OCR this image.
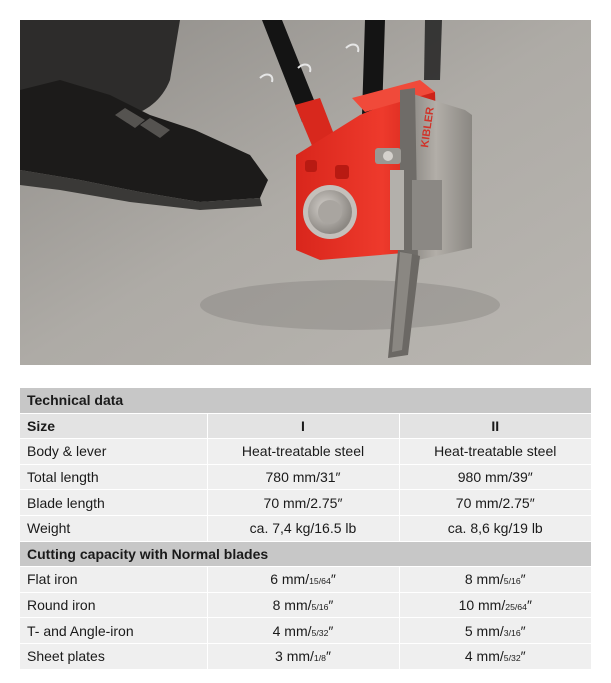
KIBLER
Technical data		
Size	I	II
Body & lever	Heat-treatable steel	Heat-treatable steel
Total length	780 mm/31″	980 mm/39″
Blade length	70 mm/2.75″	70 mm/2.75″
Weight	ca. 7,4 kg/16.5 lb	ca. 8,6 kg/19 lb
Cutting capacity with Normal blades		
Flat iron	6 mm/15/64″	8 mm/5/16″
Round iron	8 mm/5/16″	10 mm/25/64″
T- and Angle-iron	4 mm/5/32″	5 mm/3/16″
Sheet plates	3 mm/1/8″	4 mm/5/32″
